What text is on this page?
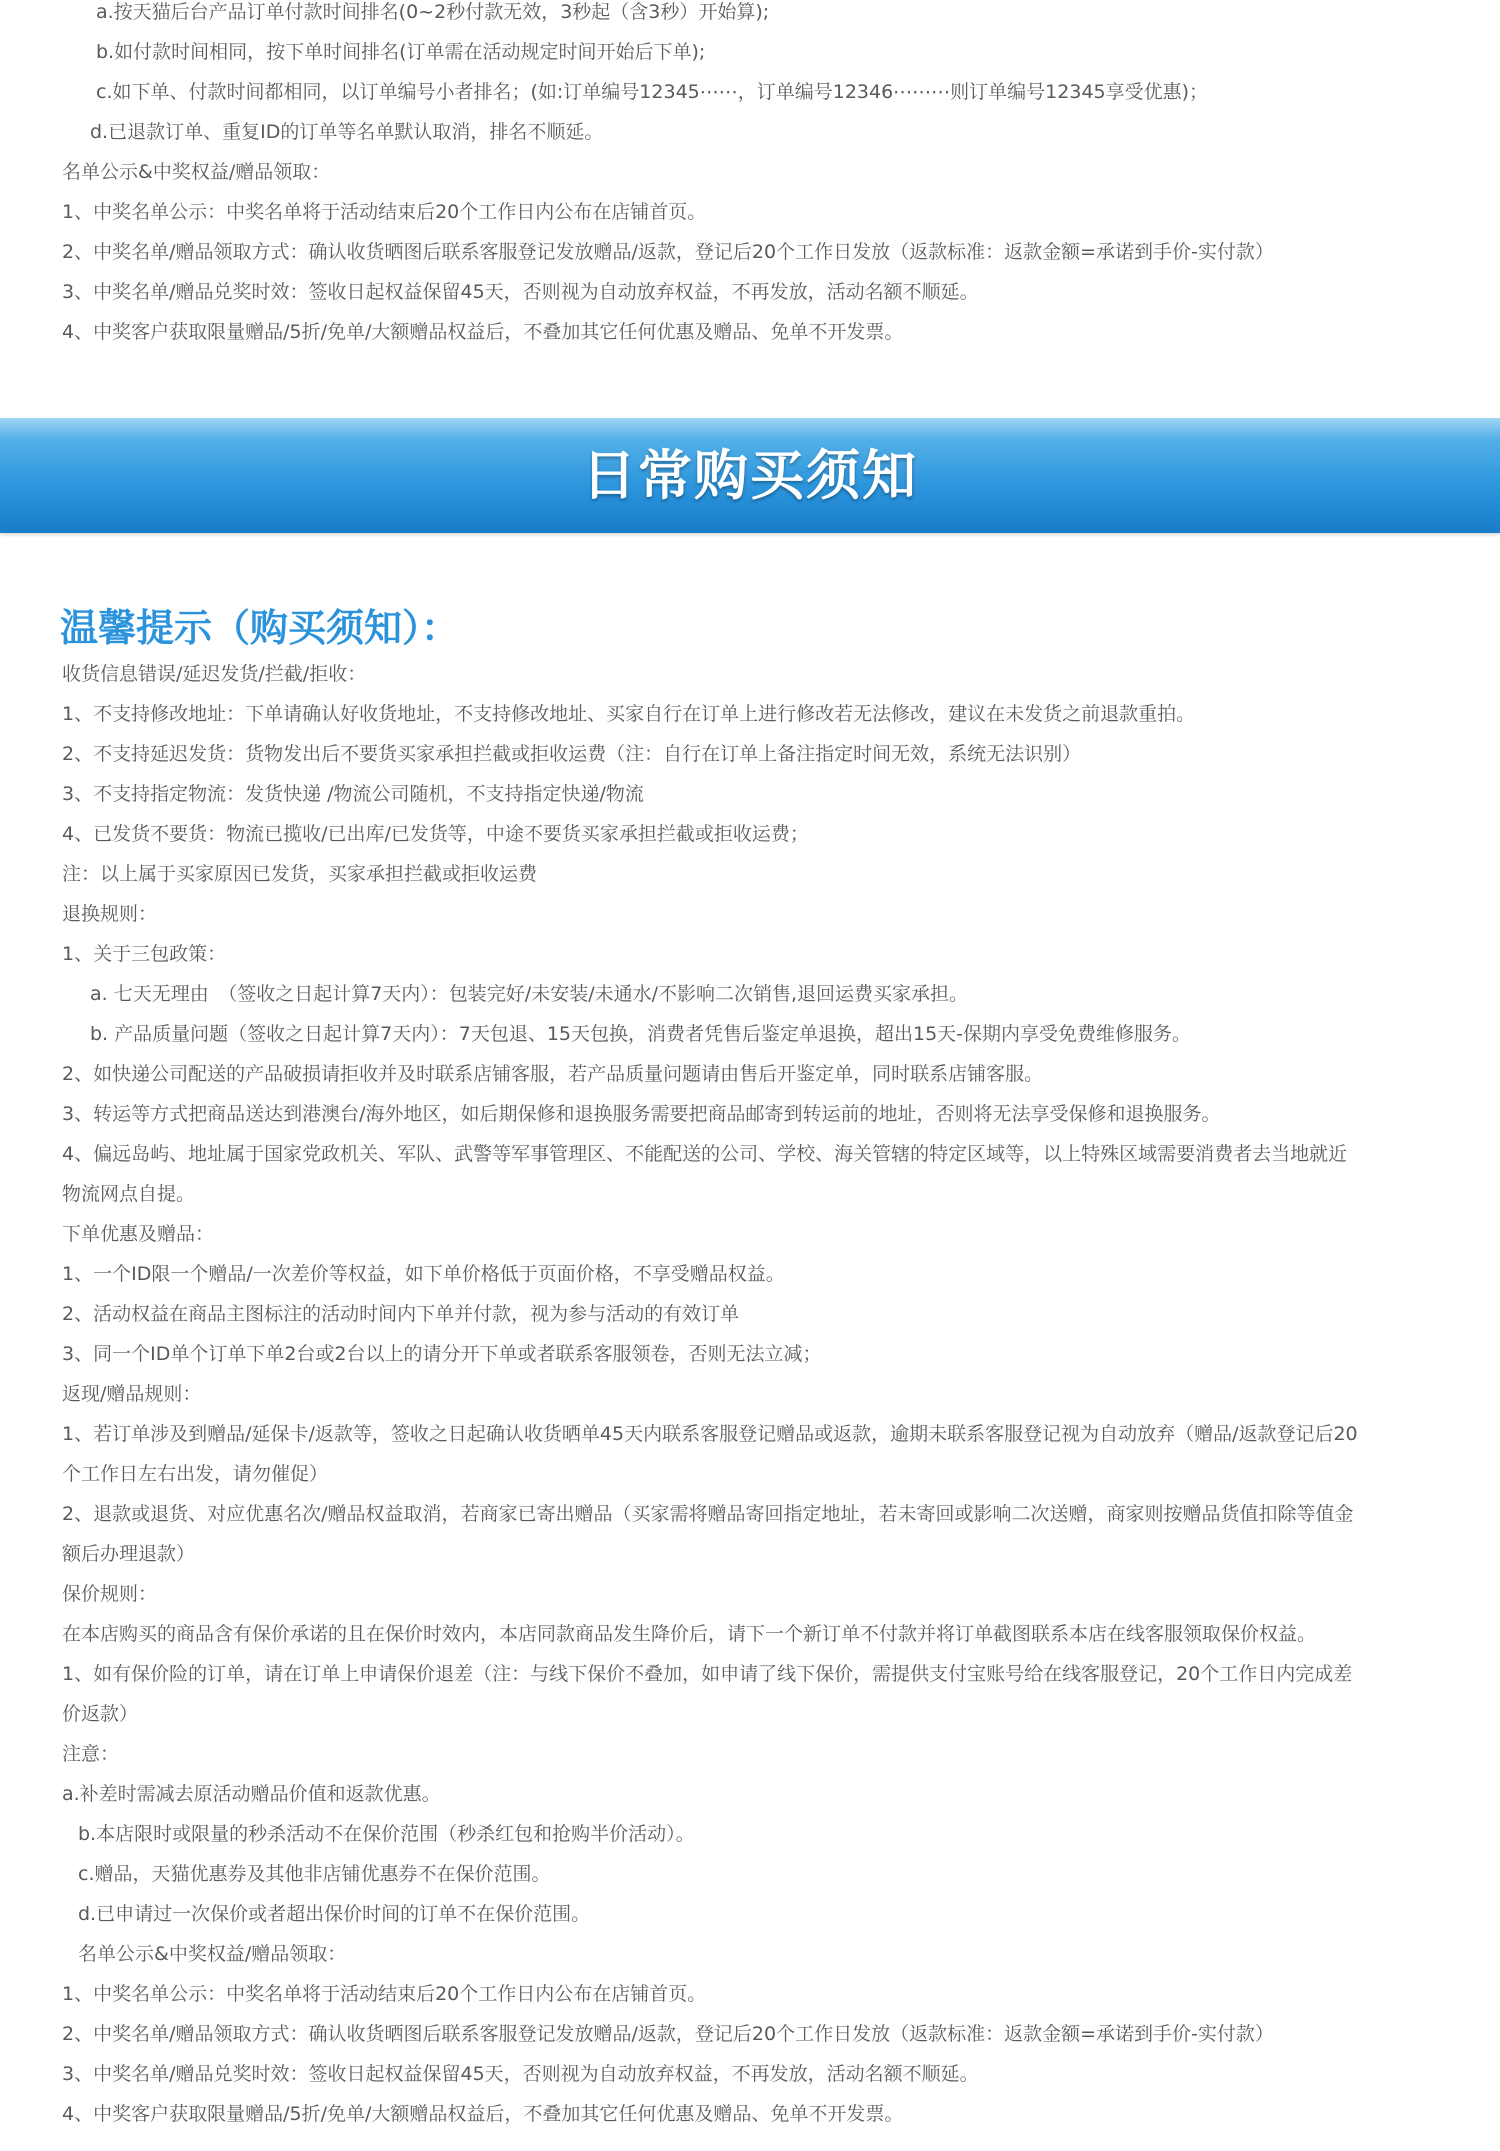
a.按天猫后台产品订单付款时间排名(0~2秒付款无效，3秒起（含3秒）开始算);
b.如付款时间相同，按下单时间排名(订单需在活动规定时间开始后下单);
c.如下单、付款时间都相同，以订单编号小者排名；(如:订单编号12345⋯⋯，订单编号12346⋯⋯⋯则订单编号12345享受优惠)；
d.已退款订单、重复ID的订单等名单默认取消，排名不顺延。
名单公示&中奖权益/赠品领取：
1、中奖名单公示：中奖名单将于活动结束后20个工作日内公布在店铺首页。
2、中奖名单/赠品领取方式：确认收货晒图后联系客服登记发放赠品/返款，登记后20个工作日发放（返款标准：返款金额=承诺到手价-实付款）
3、中奖名单/赠品兑奖时效：签收日起权益保留45天，否则视为自动放弃权益，不再发放，活动名额不顺延。
4、中奖客户获取限量赠品/5折/免单/大额赠品权益后，不叠加其它任何优惠及赠品、免单不开发票。
日常购买须知
温馨提示（购买须知）：
收货信息错误/延迟发货/拦截/拒收：
1、不支持修改地址：下单请确认好收货地址，不支持修改地址、买家自行在订单上进行修改若无法修改，建议在未发货之前退款重拍。
2、不支持延迟发货：货物发出后不要货买家承担拦截或拒收运费（注：自行在订单上备注指定时间无效，系统无法识别）
3、不支持指定物流：发货快递 /物流公司随机，不支持指定快递/物流
4、已发货不要货：物流已揽收/已出库/已发货等，中途不要货买家承担拦截或拒收运费；
注：以上属于买家原因已发货，买家承担拦截或拒收运费
退换规则：
1、关于三包政策：
a. 七天无理由　（签收之日起计算7天内）：包装完好/未安装/未通水/不影响二次销售,退回运费买家承担。
b. 产品质量问题（签收之日起计算7天内）：7天包退、15天包换，消费者凭售后鉴定单退换，超出15天-保期内享受免费维修服务。
2、如快递公司配送的产品破损请拒收并及时联系店铺客服，若产品质量问题请由售后开鉴定单，同时联系店铺客服。
3、转运等方式把商品送达到港澳台/海外地区，如后期保修和退换服务需要把商品邮寄到转运前的地址，否则将无法享受保修和退换服务。
4、偏远岛屿、地址属于国家党政机关、军队、武警等军事管理区、不能配送的公司、学校、海关管辖的特定区域等，以上特殊区域需要消费者去当地就近
物流网点自提。
下单优惠及赠品：
1、一个ID限一个赠品/一次差价等权益，如下单价格低于页面价格，不享受赠品权益。
2、活动权益在商品主图标注的活动时间内下单并付款，视为参与活动的有效订单
3、同一个ID单个订单下单2台或2台以上的请分开下单或者联系客服领卷，否则无法立减；
返现/赠品规则：
1、若订单涉及到赠品/延保卡/返款等，签收之日起确认收货晒单45天内联系客服登记赠品或返款，逾期未联系客服登记视为自动放弃（赠品/返款登记后20
个工作日左右出发，请勿催促）
2、退款或退货、对应优惠名次/赠品权益取消，若商家已寄出赠品（买家需将赠品寄回指定地址，若未寄回或影响二次送赠，商家则按赠品货值扣除等值金
额后办理退款）
保价规则：
在本店购买的商品含有保价承诺的且在保价时效内，本店同款商品发生降价后，请下一个新订单不付款并将订单截图联系本店在线客服领取保价权益。
1、如有保价险的订单，请在订单上申请保价退差（注：与线下保价不叠加，如申请了线下保价，需提供支付宝账号给在线客服登记，20个工作日内完成差
价返款）
注意：
a.补差时需减去原活动赠品价值和返款优惠。
b.本店限时或限量的秒杀活动不在保价范围（秒杀红包和抢购半价活动）。
c.赠品，天猫优惠券及其他非店铺优惠券不在保价范围。
d.已申请过一次保价或者超出保价时间的订单不在保价范围。
名单公示&中奖权益/赠品领取：
1、中奖名单公示：中奖名单将于活动结束后20个工作日内公布在店铺首页。
2、中奖名单/赠品领取方式：确认收货晒图后联系客服登记发放赠品/返款，登记后20个工作日发放（返款标准：返款金额=承诺到手价-实付款）
3、中奖名单/赠品兑奖时效：签收日起权益保留45天，否则视为自动放弃权益，不再发放，活动名额不顺延。
4、中奖客户获取限量赠品/5折/免单/大额赠品权益后，不叠加其它任何优惠及赠品、免单不开发票。
